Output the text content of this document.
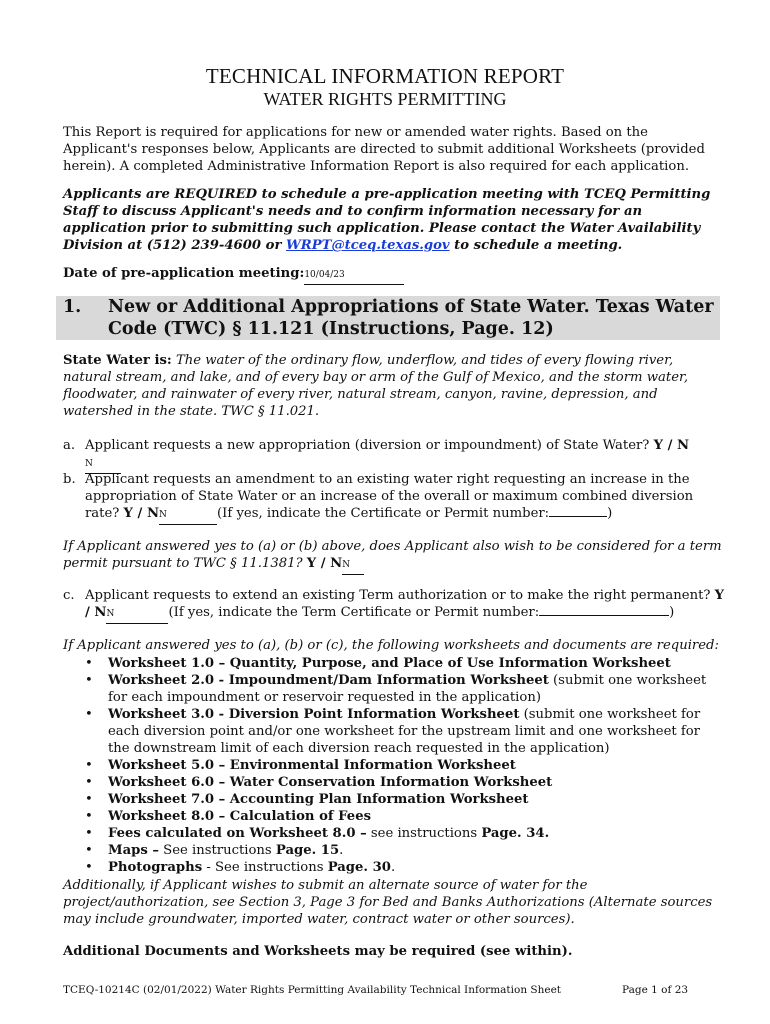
TECHNICAL INFORMATION REPORT
WATER RIGHTS PERMITTING
This Report is required for applications for new or amended water rights. Based on the Applicant's responses below, Applicants are directed to submit additional Worksheets (provided herein). A completed Administrative Information Report is also required for each application.
Applicants are REQUIRED to schedule a pre-application meeting with TCEQ Permitting Staff to discuss Applicant's needs and to confirm information necessary for an application prior to submitting such application. Please contact the Water Availability Division at (512) 239-4600 or WRPT@tceq.texas.gov to schedule a meeting.
Date of pre-application meeting:10/04/23
1. New or Additional Appropriations of State Water. Texas Water Code (TWC) § 11.121 (Instructions, Page. 12)
State Water is: The water of the ordinary flow, underflow, and tides of every flowing river, natural stream, and lake, and of every bay or arm of the Gulf of Mexico, and the storm water, floodwater, and rainwater of every river, natural stream, canyon, ravine, depression, and watershed in the state. TWC § 11.021.
a. Applicant requests a new appropriation (diversion or impoundment) of State Water? Y / NN
b. Applicant requests an amendment to an existing water right requesting an increase in the appropriation of State Water or an increase of the overall or maximum combined diversion rate? Y / NN	(If yes, indicate the Certificate or Permit number:	)
If Applicant answered yes to (a) or (b) above, does Applicant also wish to be considered for a term permit pursuant to TWC § 11.1381? Y / NN
c. Applicant requests to extend an existing Term authorization or to make the right permanent? Y / NN	(If yes, indicate the Term Certificate or Permit number:	)
If Applicant answered yes to (a), (b) or (c), the following worksheets and documents are required:
• Worksheet 1.0 – Quantity, Purpose, and Place of Use Information Worksheet
• Worksheet 2.0 - Impoundment/Dam Information Worksheet (submit one worksheet for each impoundment or reservoir requested in the application)
• Worksheet 3.0 - Diversion Point Information Worksheet (submit one worksheet for each diversion point and/or one worksheet for the upstream limit and one worksheet for the downstream limit of each diversion reach requested in the application)
• Worksheet 5.0 – Environmental Information Worksheet
• Worksheet 6.0 – Water Conservation Information Worksheet
• Worksheet 7.0 – Accounting Plan Information Worksheet
• Worksheet 8.0 – Calculation of Fees
• Fees calculated on Worksheet 8.0 – see instructions Page. 34.
• Maps – See instructions Page. 15.
• Photographs - See instructions Page. 30.
Additionally, if Applicant wishes to submit an alternate source of water for the project/authorization, see Section 3, Page 3 for Bed and Banks Authorizations (Alternate sources may include groundwater, imported water, contract water or other sources).
Additional Documents and Worksheets may be required (see within).
TCEQ-10214C (02/01/2022) Water Rights Permitting Availability Technical Information Sheet	Page 1 of 23
